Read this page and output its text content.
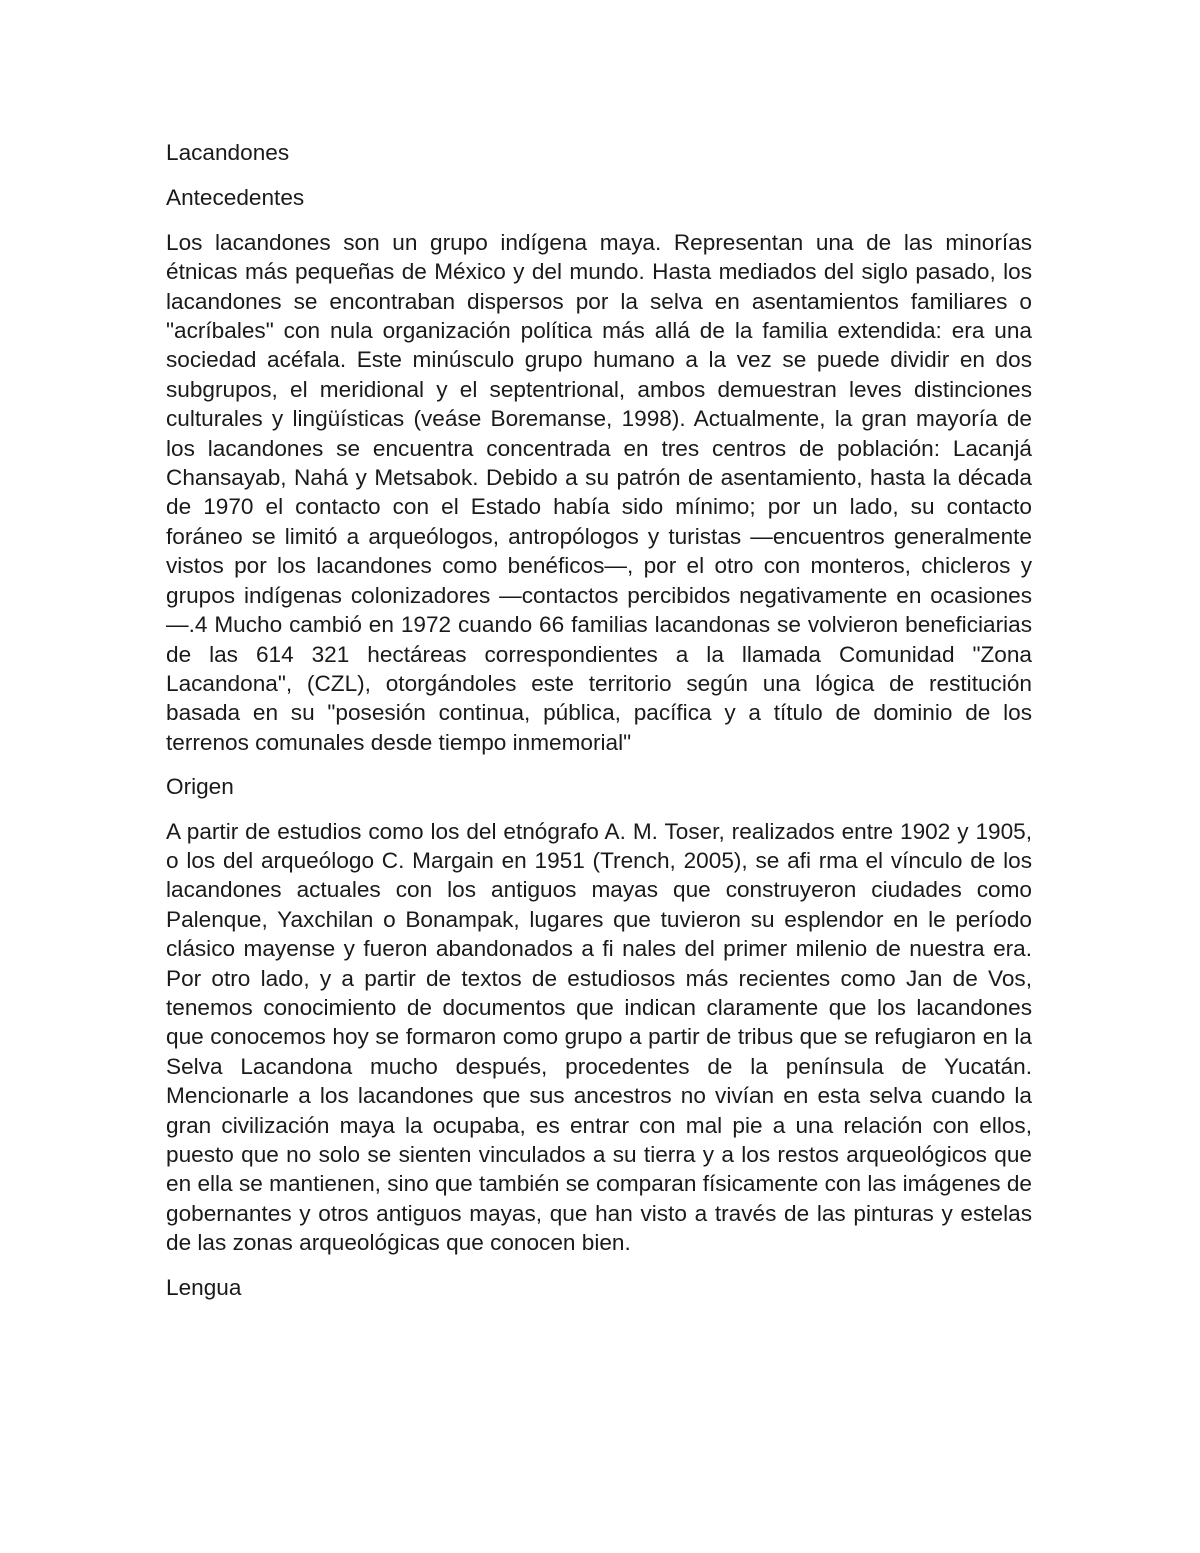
Lacandones

Antecedentes

Los lacandones son un grupo indígena maya. Representan una de las minorías étnicas más pequeñas de México y del mundo. Hasta mediados del siglo pasado, los lacandones se encontraban dispersos por la selva en asentamientos familiares o "acríbales" con nula organización política más allá de la familia extendida: era una sociedad acéfala. Este minúsculo grupo humano a la vez se puede dividir en dos subgrupos, el meridional y el septentrional, ambos demuestran leves distinciones culturales y lingüísticas (veáse Boremanse, 1998). Actualmente, la gran mayoría de los lacandones se encuentra concentrada en tres centros de población: Lacanjá Chansayab, Nahá y Metsabok. Debido a su patrón de asentamiento, hasta la década de 1970 el contacto con el Estado había sido mínimo; por un lado, su contacto foráneo se limitó a arqueólogos, antropólogos y turistas —encuentros generalmente vistos por los lacandones como benéficos—, por el otro con monteros, chicleros y grupos indígenas colonizadores —contactos percibidos negativamente en ocasiones—.4 Mucho cambió en 1972 cuando 66 familias lacandonas se volvieron beneficiarias de las 614 321 hectáreas correspondientes a la llamada Comunidad "Zona Lacandona", (CZL), otorgándoles este territorio según una lógica de restitución basada en su "posesión continua, pública, pacífica y a título de dominio de los terrenos comunales desde tiempo inmemorial"

Origen

A partir de estudios como los del etnógrafo A. M. Toser, realizados entre 1902 y 1905, o los del arqueólogo C. Margain en 1951 (Trench, 2005), se afi rma el vínculo de los lacandones actuales con los antiguos mayas que construyeron ciudades como Palenque, Yaxchilan o Bonampak, lugares que tuvieron su esplendor en le período clásico mayense y fueron abandonados a fi nales del primer milenio de nuestra era. Por otro lado, y a partir de textos de estudiosos más recientes como Jan de Vos, tenemos conocimiento de documentos que indican claramente que los lacandones que conocemos hoy se formaron como grupo a partir de tribus que se refugiaron en la Selva Lacandona mucho después, procedentes de la península de Yucatán. Mencionarle a los lacandones que sus ancestros no vivían en esta selva cuando la gran civilización maya la ocupaba, es entrar con mal pie a una relación con ellos, puesto que no solo se sienten vinculados a su tierra y a los restos arqueológicos que en ella se mantienen, sino que también se comparan físicamente con las imágenes de gobernantes y otros antiguos mayas, que han visto a través de las pinturas y estelas de las zonas arqueológicas que conocen bien.

Lengua
